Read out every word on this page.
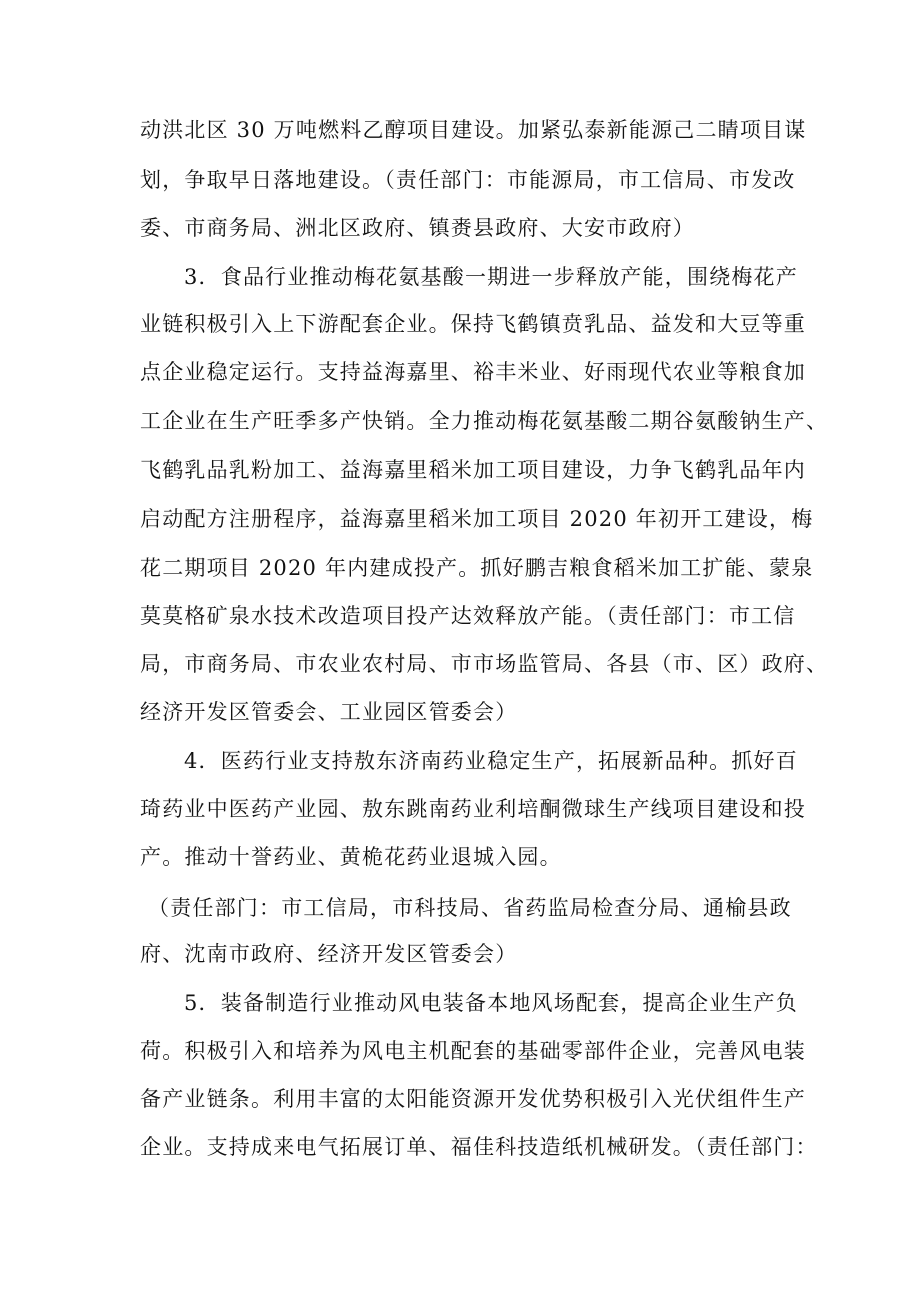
动洪北区 30 万吨燃料乙醇项目建设。加紧弘泰新能源己二睛项目谋
划，争取早日落地建设。（责任部门：市能源局，市工信局、市发改
委、市商务局、洲北区政府、镇赉县政府、大安市政府）
3．食品行业推动梅花氨基酸一期进一步释放产能，围绕梅花产
业链积极引入上下游配套企业。保持飞鹤镇贲乳品、益发和大豆等重
点企业稳定运行。支持益海嘉里、裕丰米业、好雨现代农业等粮食加
工企业在生产旺季多产快销。全力推动梅花氨基酸二期谷氨酸钠生产、
飞鹤乳品乳粉加工、益海嘉里稻米加工项目建设，力争飞鹤乳品年内
启动配方注册程序，益海嘉里稻米加工项目 2020 年初开工建设，梅
花二期项目 2020 年内建成投产。抓好鹏吉粮食稻米加工扩能、蒙泉
莫莫格矿泉水技术改造项目投产达效释放产能。（责任部门：市工信
局，市商务局、市农业农村局、市市场监管局、各县（市、区）政府、
经济开发区管委会、工业园区管委会）
4．医药行业支持敖东济南药业稳定生产，拓展新品种。抓好百
琦药业中医药产业园、敖东跳南药业利培酮微球生产线项目建设和投
产。推动十誉药业、黄桅花药业退城入园。
（责任部门：市工信局，市科技局、省药监局检查分局、通榆县政
府、沈南市政府、经济开发区管委会）
5．装备制造行业推动风电装备本地风场配套，提高企业生产负
荷。积极引入和培养为风电主机配套的基础零部件企业，完善风电装
备产业链条。利用丰富的太阳能资源开发优势积极引入光伏组件生产
企业。支持成来电气拓展订单、福佳科技造纸机械研发。（责任部门：
